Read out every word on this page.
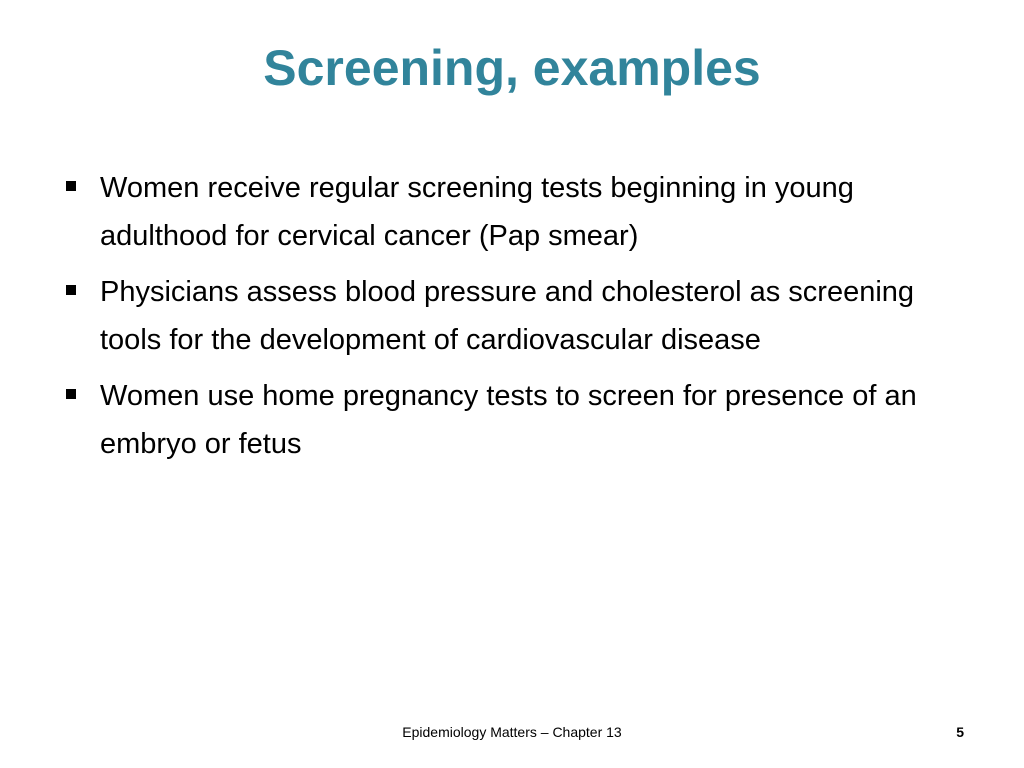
Screening, examples
Women receive regular screening tests beginning in young adulthood for cervical cancer (Pap smear)
Physicians assess blood pressure and cholesterol as screening tools for the development of cardiovascular disease
Women use home pregnancy tests to screen for presence of an embryo or fetus
Epidemiology Matters – Chapter 13	5
